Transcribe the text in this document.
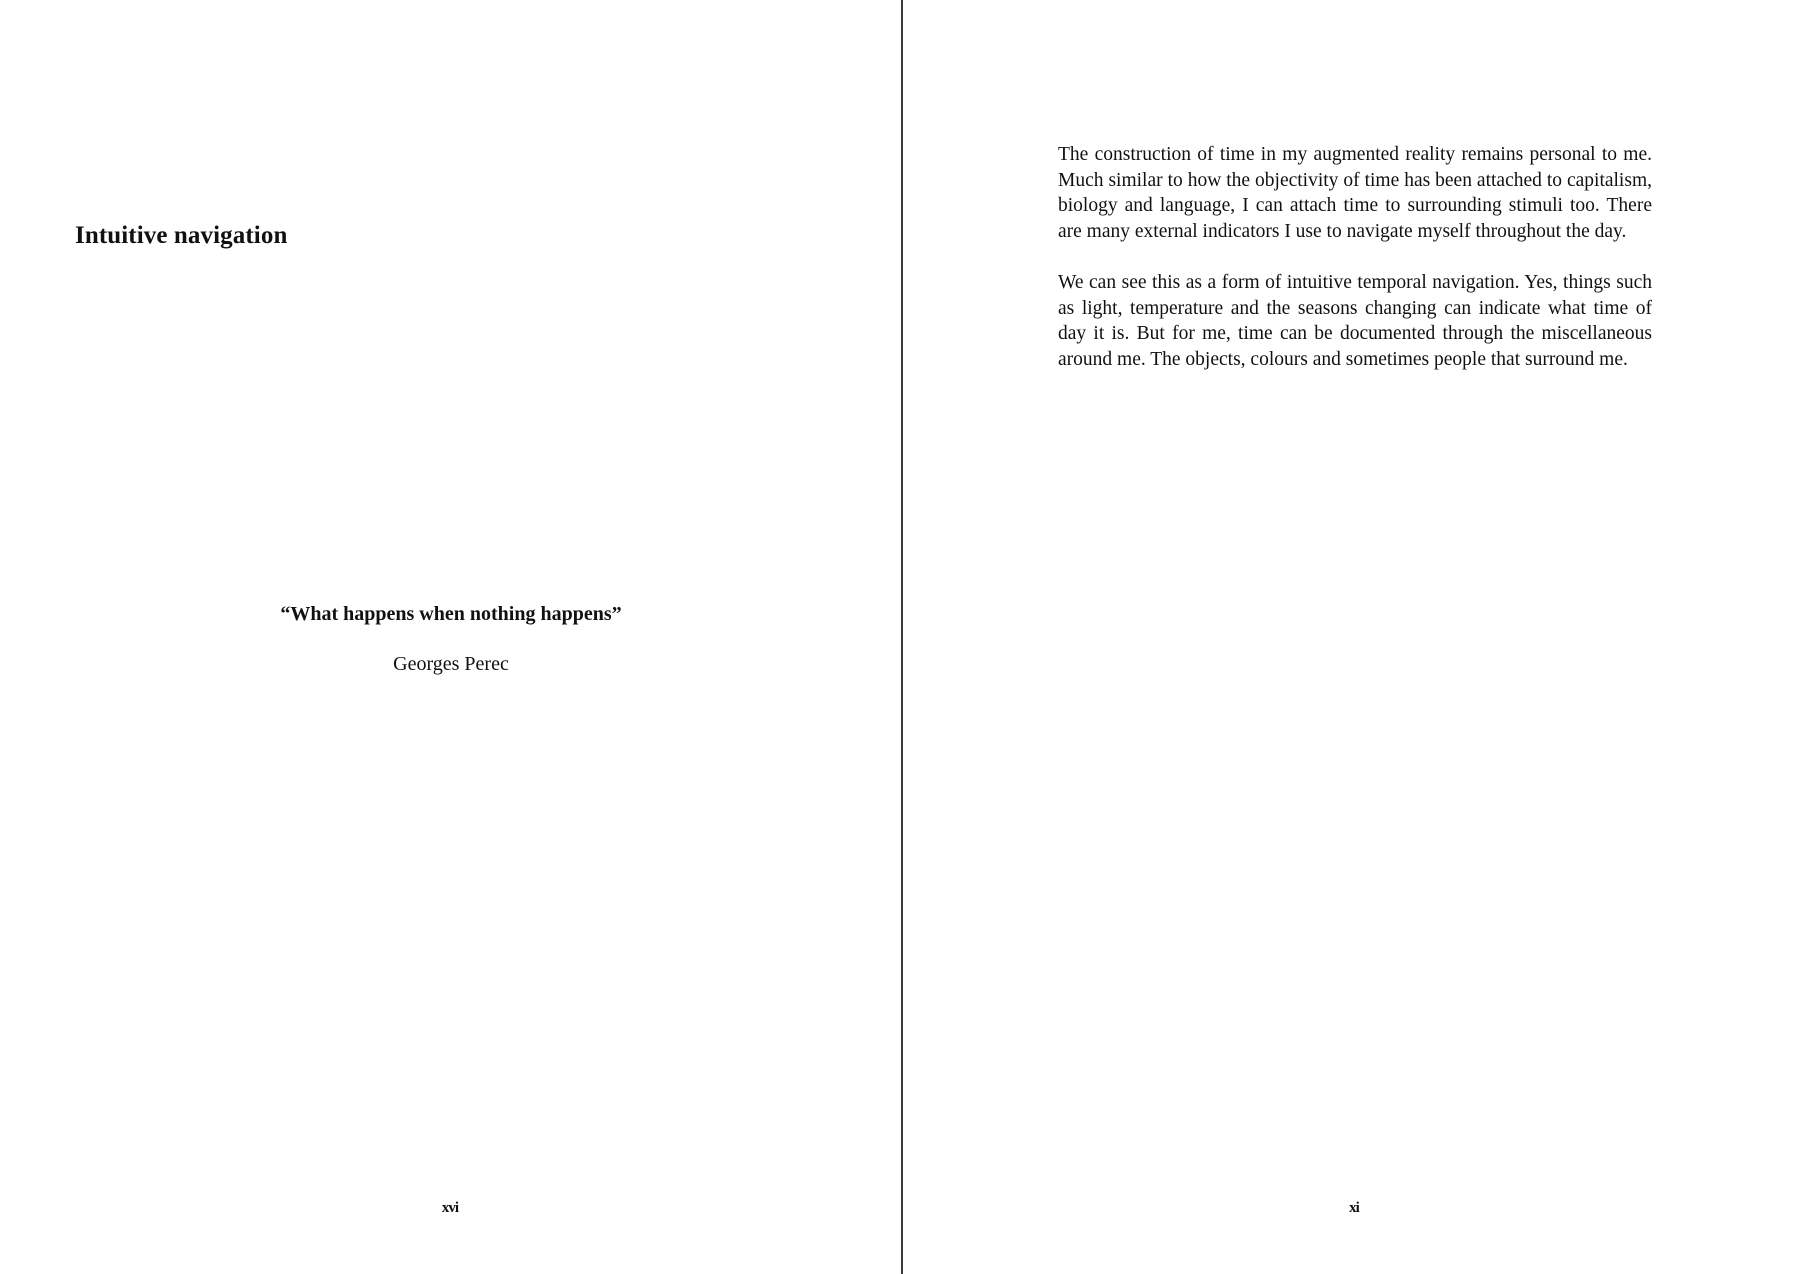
Intuitive navigation

“What happens when nothing happens”

Georges Perec

xvi

The construction of time in my augmented reality remains personal to me. Much similar to how the objectivity of time has been attached to capitalism, biology and language, I can attach time to surrounding stimuli too. There are many external indicators I use to navigate myself throughout the day.

We can see this as a form of intuitive temporal navigation. Yes, things such as light, temperature and the seasons changing can indicate what time of day it is. But for me, time can be documented through the miscellaneous around me. The objects, colours and sometimes people that surround me.

xi
